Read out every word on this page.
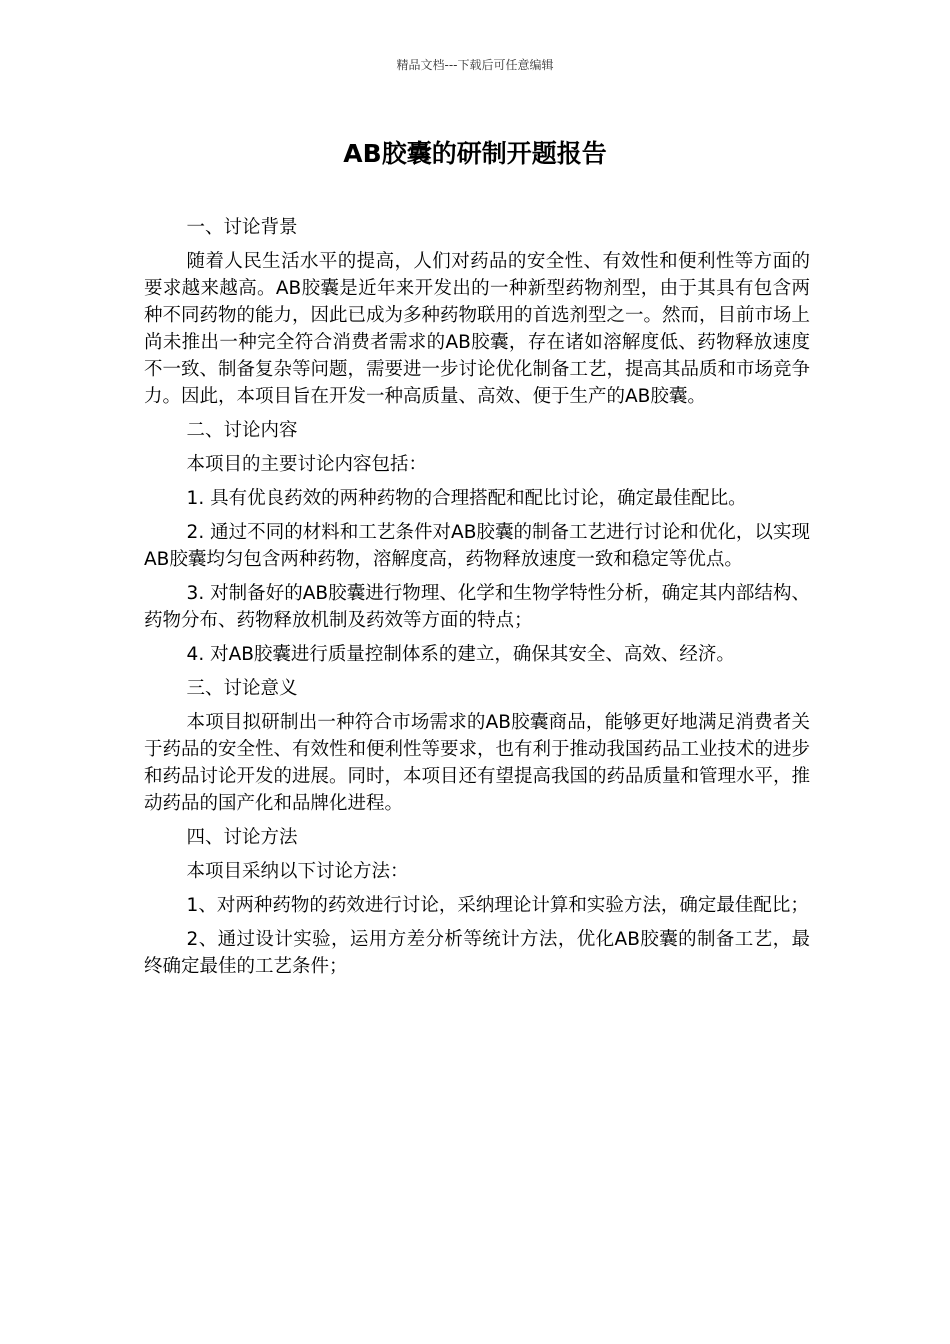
精品文档---下载后可任意编辑
AB胶囊的研制开题报告

一、讨论背景

随着人民生活水平的提高，人们对药品的安全性、有效性和便利性等方面的要求越来越高。AB胶囊是近年来开发出的一种新型药物剂型，由于其具有包含两种不同药物的能力，因此已成为多种药物联用的首选剂型之一。然而，目前市场上尚未推出一种完全符合消费者需求的AB胶囊，存在诸如溶解度低、药物释放速度不一致、制备复杂等问题，需要进一步讨论优化制备工艺，提高其品质和市场竞争力。因此，本项目旨在开发一种高质量、高效、便于生产的AB胶囊。

二、讨论内容

本项目的主要讨论内容包括：

1. 具有优良药效的两种药物的合理搭配和配比讨论，确定最佳配比。

2. 通过不同的材料和工艺条件对AB胶囊的制备工艺进行讨论和优化，以实现AB胶囊均匀包含两种药物，溶解度高，药物释放速度一致和稳定等优点。

3. 对制备好的AB胶囊进行物理、化学和生物学特性分析，确定其内部结构、药物分布、药物释放机制及药效等方面的特点；

4. 对AB胶囊进行质量控制体系的建立，确保其安全、高效、经济。

三、讨论意义

本项目拟研制出一种符合市场需求的AB胶囊商品，能够更好地满足消费者关于药品的安全性、有效性和便利性等要求，也有利于推动我国药品工业技术的进步和药品讨论开发的进展。同时，本项目还有望提高我国的药品质量和管理水平，推动药品的国产化和品牌化进程。

四、讨论方法

本项目采纳以下讨论方法：

1、对两种药物的药效进行讨论，采纳理论计算和实验方法，确定最佳配比；

2、通过设计实验，运用方差分析等统计方法，优化AB胶囊的制备工艺，最终确定最佳的工艺条件；
